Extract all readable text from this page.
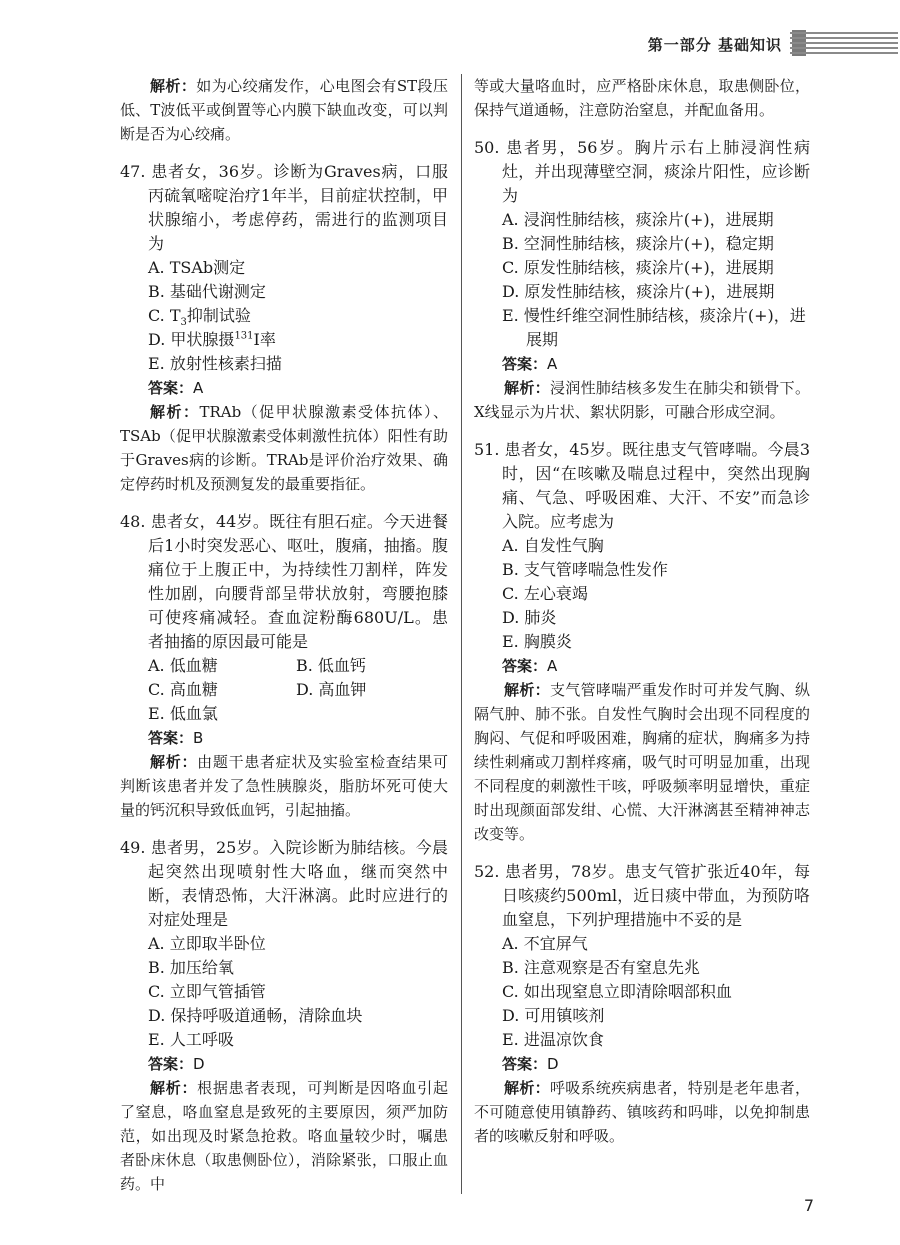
第一部分 基础知识

解析：如为心绞痛发作，心电图会有ST段压低、T波低平或倒置等心内膜下缺血改变，可以判断是否为心绞痛。

47. 患者女，36岁。诊断为Graves病，口服丙硫氧嘧啶治疗1年半，目前症状控制，甲状腺缩小，考虑停药，需进行的监测项目为

A. TSAb测定

B. 基础代谢测定

C. $T_3$抑制试验

D. 甲状腺摄$^{131}$I率

E. 放射性核素扫描

答案：A

解析：TRAb（促甲状腺激素受体抗体）、TSAb（促甲状腺激素受体刺激性抗体）阳性有助于Graves病的诊断。TRAb是评价治疗效果、确定停药时机及预测复发的最重要指征。

48. 患者女，44岁。既往有胆石症。今天进餐后1小时突发恶心、呕吐，腹痛，抽搐。腹痛位于上腹正中，为持续性刀割样，阵发性加剧，向腰背部呈带状放射，弯腰抱膝可使疼痛减轻。查血淀粉酶680U/L。患者抽搐的原因最可能是

A. 低血糖	B. 低血钙
C. 高血糖	D. 高血钾
E. 低血氯

答案：B

解析：由题干患者症状及实验室检查结果可判断该患者并发了急性胰腺炎，脂肪坏死可使大量的钙沉积导致低血钙，引起抽搐。

49. 患者男，25岁。入院诊断为肺结核。今晨起突然出现喷射性大咯血，继而突然中断，表情恐怖，大汗淋漓。此时应进行的对症处理是

A. 立即取半卧位

B. 加压给氧

C. 立即气管插管

D. 保持呼吸道通畅，清除血块

E. 人工呼吸

答案：D

解析：根据患者表现，可判断是因咯血引起了窒息，咯血窒息是致死的主要原因，须严加防范，如出现及时紧急抢救。咯血量较少时，嘱患者卧床休息（取患侧卧位），消除紧张，口服止血药。中

等或大量咯血时，应严格卧床休息，取患侧卧位，保持气道通畅，注意防治窒息，并配血备用。

50. 患者男，56岁。胸片示右上肺浸润性病灶，并出现薄壁空洞，痰涂片阳性，应诊断为

A. 浸润性肺结核，痰涂片(+)，进展期

B. 空洞性肺结核，痰涂片(+)，稳定期

C. 原发性肺结核，痰涂片(+)，进展期

D. 原发性肺结核，痰涂片(+)，进展期

E. 慢性纤维空洞性肺结核，痰涂片(+)，进

展期

答案：A

解析：浸润性肺结核多发生在肺尖和锁骨下。X线显示为片状、絮状阴影，可融合形成空洞。

51. 患者女，45岁。既往患支气管哮喘。今晨3时，因“在咳嗽及喘息过程中，突然出现胸痛、气急、呼吸困难、大汗、不安”而急诊入院。应考虑为

A. 自发性气胸

B. 支气管哮喘急性发作

C. 左心衰竭

D. 肺炎

E. 胸膜炎

答案：A

解析：支气管哮喘严重发作时可并发气胸、纵隔气肿、肺不张。自发性气胸时会出现不同程度的胸闷、气促和呼吸困难，胸痛的症状，胸痛多为持续性刺痛或刀割样疼痛，吸气时可明显加重，出现不同程度的刺激性干咳，呼吸频率明显增快，重症时出现颜面部发绀、心慌、大汗淋漓甚至精神神志改变等。

52. 患者男，78岁。患支气管扩张近40年，每日咳痰约500ml，近日痰中带血，为预防咯血窒息，下列护理措施中不妥的是

A. 不宜屏气

B. 注意观察是否有窒息先兆

C. 如出现窒息立即清除咽部积血

D. 可用镇咳剂

E. 进温凉饮食

答案：D

解析：呼吸系统疾病患者，特别是老年患者，不可随意使用镇静药、镇咳药和吗啡，以免抑制患者的咳嗽反射和呼吸。

7
